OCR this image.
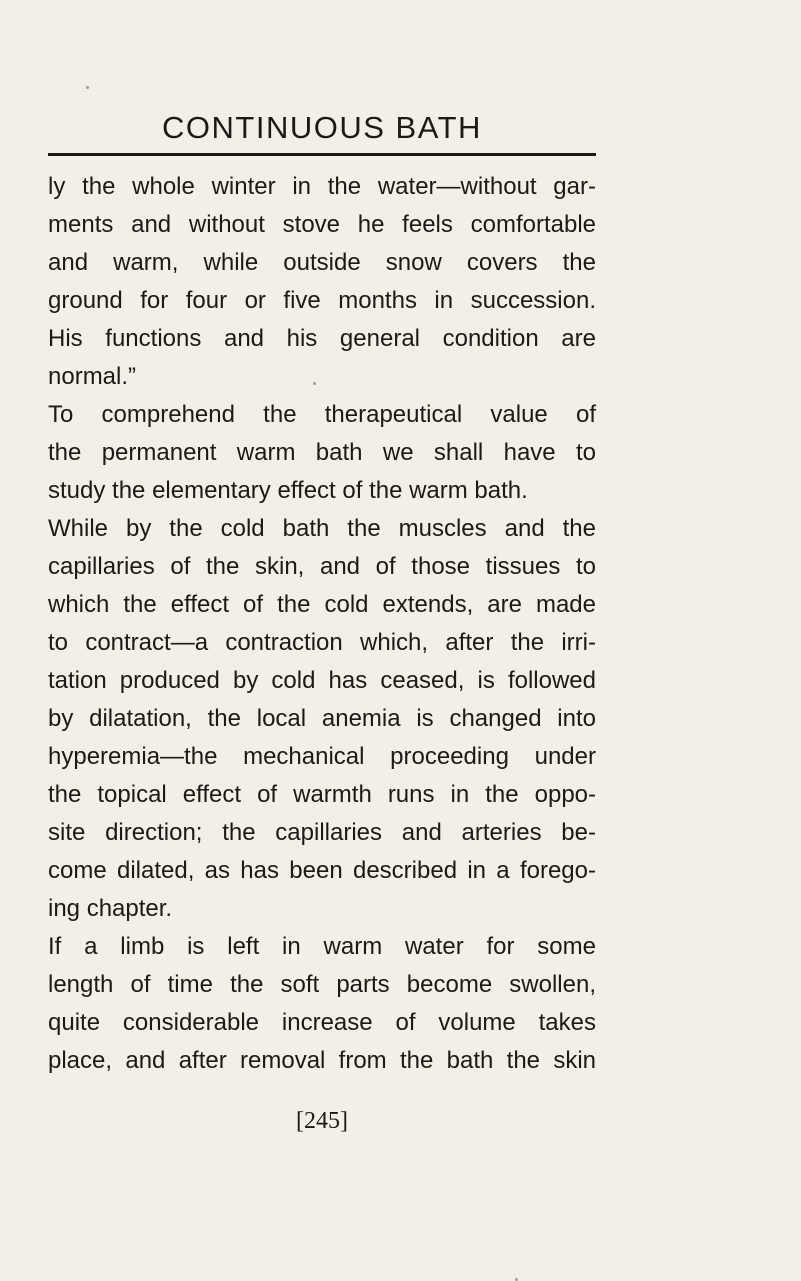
CONTINUOUS BATH
ly the whole winter in the water—without gar-
ments and without stove he feels comfortable
and warm, while outside snow covers the
ground for four or five months in succession.
His functions and his general condition are
normal.”
To comprehend the therapeutical value of
the permanent warm bath we shall have to
study the elementary effect of the warm bath.
While by the cold bath the muscles and the
capillaries of the skin, and of those tissues to
which the effect of the cold extends, are made
to contract—a contraction which, after the irri-
tation produced by cold has ceased, is followed
by dilatation, the local anemia is changed into
hyperemia—the mechanical proceeding under
the topical effect of warmth runs in the oppo-
site direction; the capillaries and arteries be-
come dilated, as has been described in a forego-
ing chapter.
If a limb is left in warm water for some
length of time the soft parts become swollen,
quite considerable increase of volume takes
place, and after removal from the bath the skin
[245]
